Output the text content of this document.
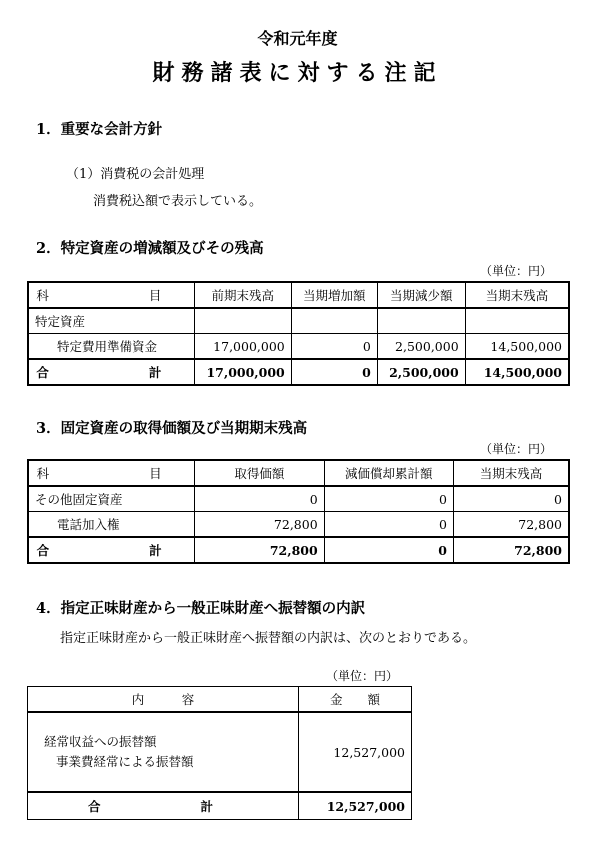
令和元年度
財務諸表に対する注記
1．重要な会計方針
（1）消費税の会計処理
消費税込額で表示している。
2．特定資産の増減額及びその残高
（単位：円）
科　　目	前期末残高	当期増加額	当期減少額	当期末残高
特定資産				
特定費用準備資金	17,000,000	0	2,500,000	14,500,000
合　　計	17,000,000	0	2,500,000	14,500,000
3．固定資産の取得価額及び当期期末残高
（単位：円）
科　　目	取得価額	減価償却累計額	当期末残高
その他固定資産	0	0	0
電話加入権	72,800	0	72,800
合　　計	72,800	0	72,800
4．指定正味財産から一般正味財産へ振替額の内訳
指定正味財産から一般正味財産へ振替額の内訳は、次のとおりである。
（単位：円）
内　　　容	金　　額

経常収益への振替額
事業費経常による振替額	12,527,000
合　　計	12,527,000
